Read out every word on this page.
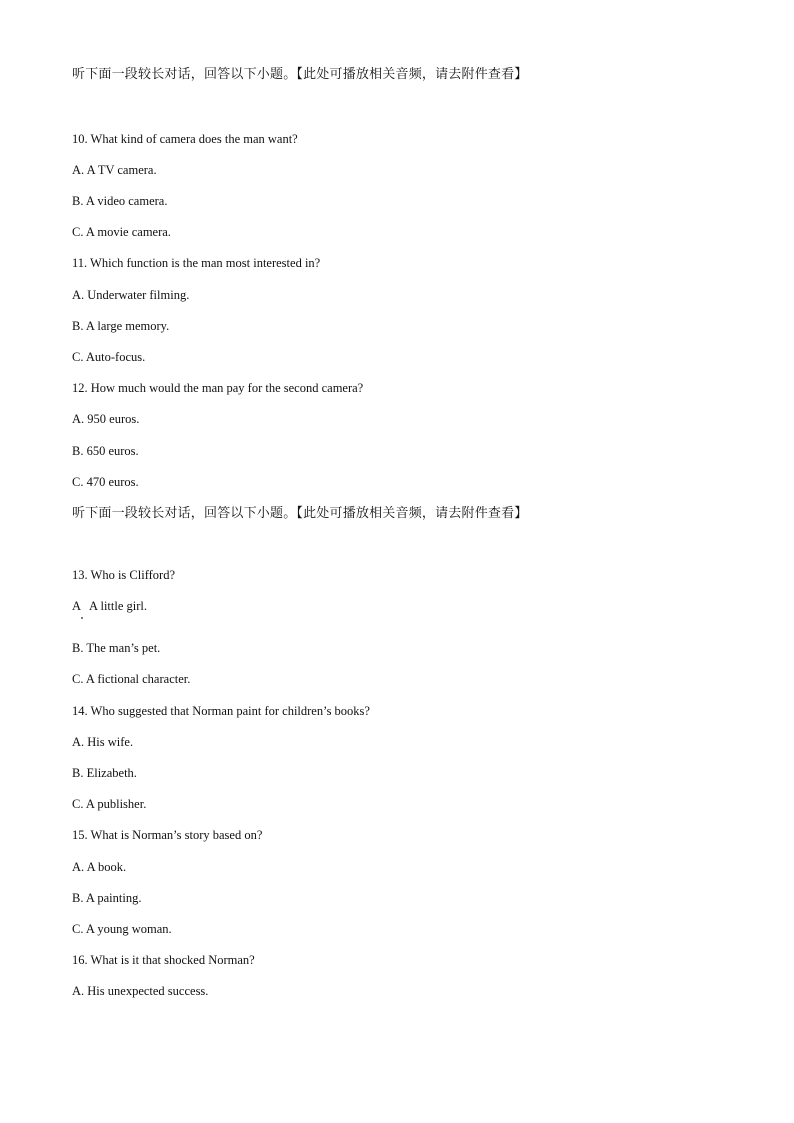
听下面一段较长对话，回答以下小题。【此处可播放相关音频，请去附件查看】

10. What kind of camera does the man want?

A. A TV camera.

B. A video camera.

C. A movie camera.

11. Which function is the man most interested in?

A. Underwater filming.

B. A large memory.

C. Auto-focus.

12. How much would the man pay for the second camera?

A. 950 euros.

B. 650 euros.

C. 470 euros.

听下面一段较长对话，回答以下小题。【此处可播放相关音频，请去附件查看】

13. Who is Clifford?

A   A little girl.

B. The man’s pet.

C. A fictional character.

14. Who suggested that Norman paint for children’s books?

A. His wife.

B. Elizabeth.

C. A publisher.

15. What is Norman’s story based on?

A. A book.

B. A painting.

C. A young woman.

16. What is it that shocked Norman?

A. His unexpected success.
